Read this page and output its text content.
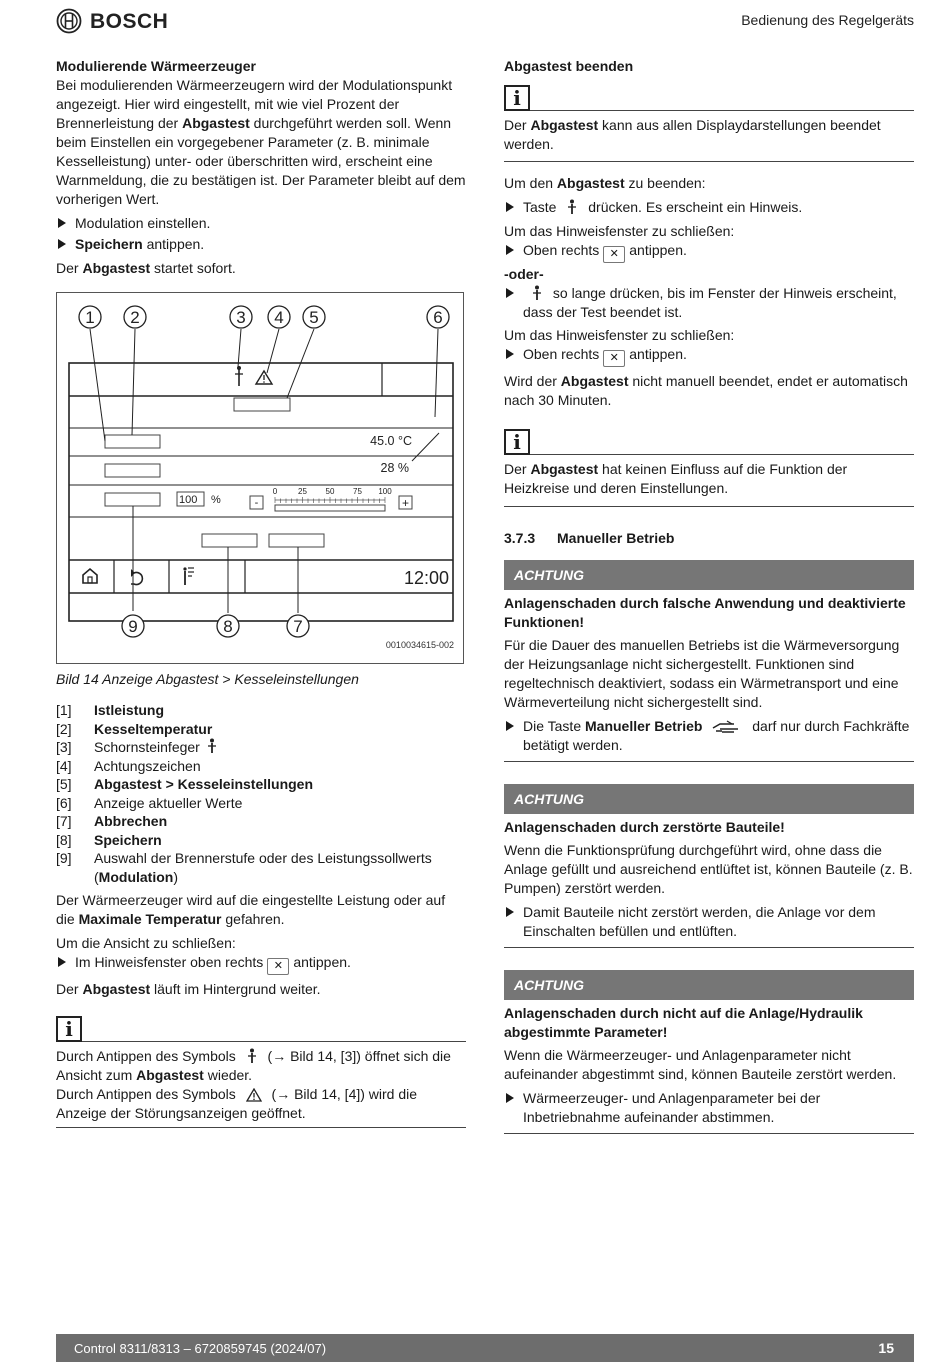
BOSCH	Bedienung des Regelgeräts
Modulierende Wärmeerzeuger

Bei modulierenden Wärmeerzeugern wird der Modulationspunkt angezeigt. Hier wird eingestellt, mit wie viel Prozent der Brennerleistung der Abgastest durchgeführt werden soll. Wenn beim Einstellen ein vorgegebener Parameter (z. B. minimale Kesselleistung) unter- oder überschritten wird, erscheint eine Warnmeldung, die zu bestätigen ist. Der Parameter bleibt auf dem vorherigen Wert.

Modulation einstellen.
Speichern antippen.

Der Abgastest startet sofort.

45.0 °C
28 %
100 %	-	+
0	25 50 75 100
12:00
1 2	3 4 5	6
7
8
9
0010034615-002
Bild 14 Anzeige Abgastest > Kesseleinstellungen
[1]	Istleistung
[2]	Kesseltemperatur
[3]	Schornsteinfeger
[4]	Achtungszeichen
[5]	Abgastest > Kesseleinstellungen
[6]	Anzeige aktueller Werte
[7]	Abbrechen
[8]	Speichern
[9]	Auswahl der Brennerstufe oder des Leistungssollwerts (Modulation)

Der Wärmeerzeuger wird auf die eingestellte Leistung oder auf die Maximale Temperatur gefahren.

Um die Ansicht zu schließen:
Im Hinweisfenster oben rechts ✕ antippen.

Der Abgastest läuft im Hintergrund weiter.

i
Durch Antippen des Symbols (→ Bild 14, [3]) öffnet sich die Ansicht zum Abgastest wieder.
Durch Antippen des Symbols	(→ Bild 14, [4]) wird die Anzeige der Störungsanzeigen geöffnet.
Abgastest beenden
i
Der Abgastest kann aus allen Displaydarstellungen beendet werden.

Um den Abgastest zu beenden:

Taste drücken. Es erscheint ein Hinweis.
Um das Hinweisfenster zu schließen:
Oben rechts ✕ antippen.
-oder-
so lange drücken, bis im Fenster der Hinweis erscheint, dass der Test beendet ist.
Um das Hinweisfenster zu schließen:
Oben rechts ✕ antippen.

Wird der Abgastest nicht manuell beendet, endet er automatisch nach 30 Minuten.

i
Der Abgastest hat keinen Einfluss auf die Funktion der Heizkreise und deren Einstellungen.
3.7.3 Manueller Betrieb
ACHTUNG
Anlagenschaden durch falsche Anwendung und deaktivierte Funktionen!

Für die Dauer des manuellen Betriebs ist die Wärmeversorgung der Heizungsanlage nicht sichergestellt. Funktionen sind regeltechnisch deaktiviert, sodass ein Wärmetransport und eine Wärmeverteilung nicht sichergestellt sind.

Die Taste Manueller Betrieb	darf nur durch Fachkräfte betätigt werden.
ACHTUNG
Anlagenschaden durch zerstörte Bauteile!

Wenn die Funktionsprüfung durchgeführt wird, ohne dass die Anlage gefüllt und ausreichend entlüftet ist, können Bauteile (z. B. Pumpen) zerstört werden.

Damit Bauteile nicht zerstört werden, die Anlage vor dem Einschalten befüllen und entlüften.
ACHTUNG
Anlagenschaden durch nicht auf die Anlage/Hydraulik abgestimmte Parameter!

Wenn die Wärmeerzeuger- und Anlagenparameter nicht aufeinander abgestimmt sind, können Bauteile zerstört werden.

Wärmeerzeuger- und Anlagenparameter bei der Inbetriebnahme aufeinander abstimmen.
Control 8311/8313 – 6720859745 (2024/07)	15
